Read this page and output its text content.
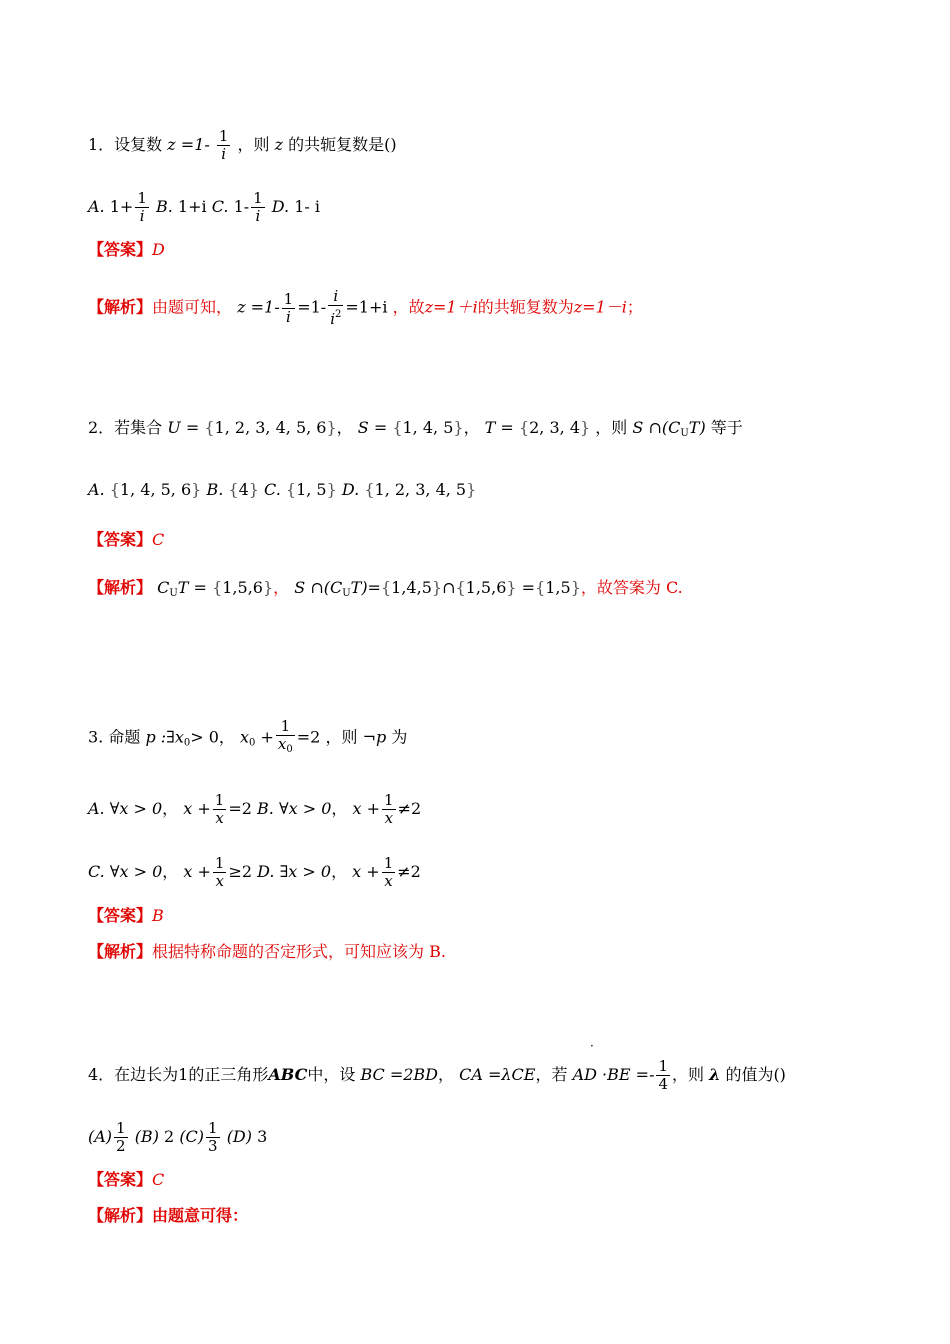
1．设复数 $z =1- \frac{1}{i}$ ，则 z 的共轭复数是()
A. $1+ \frac{1}{i} B$. 1+i C. $1- \frac{1}{i} D$. 1- i
【答案】D
【解析】由题可知， $z =1- \frac{1}{i} =1- \frac{i}{i^2} =1+i$ ，故z=1＋i的共轭复数为z=1－i；
2．若集合 U = {1, 2, 3, 4, 5, 6}， S = {1, 4, 5}， T = {2, 3, 4} ，则 S $\cap(C_UT)$ 等于
A. {1, 4, 5, 6} B. {4} C. {1, 5} D. {1, 2, 3, 4, 5}
【答案】C
【解析】 $C_UT = \{1,5,6\}$， S $\cap(C_UT)=\{1,4,5\}\cap\{1,5,6\} =\{1,5\}$，故答案为 C.
3. 命题 p $:\exists x_0> 0$， $x_0 + \frac{1}{x_0} =2$ ，则 ¬p 为
A. ∀x > 0， $x + \frac{1}{x} =2$ B. ∀x > 0， $x + \frac{1}{x} \ne 2$
C. ∀x > 0， $x + \frac{1}{x} \ge 2$ D. ∃x > 0， $x + \frac{1}{x} \ne 2$
【答案】B
【解析】根据特称命题的否定形式，可知应该为 B.
·
4．在边长为1的正三角形ABC中，设 BC =2BD， CA =λCE，若 AD $\cdot BE =- \frac{1}{4}$ ，则 λ 的值为()
$(A) \frac{1}{2} (B)$ 2 $(C) \frac{1}{3} (D)$ 3
【答案】C
【解析】由题意可得：
